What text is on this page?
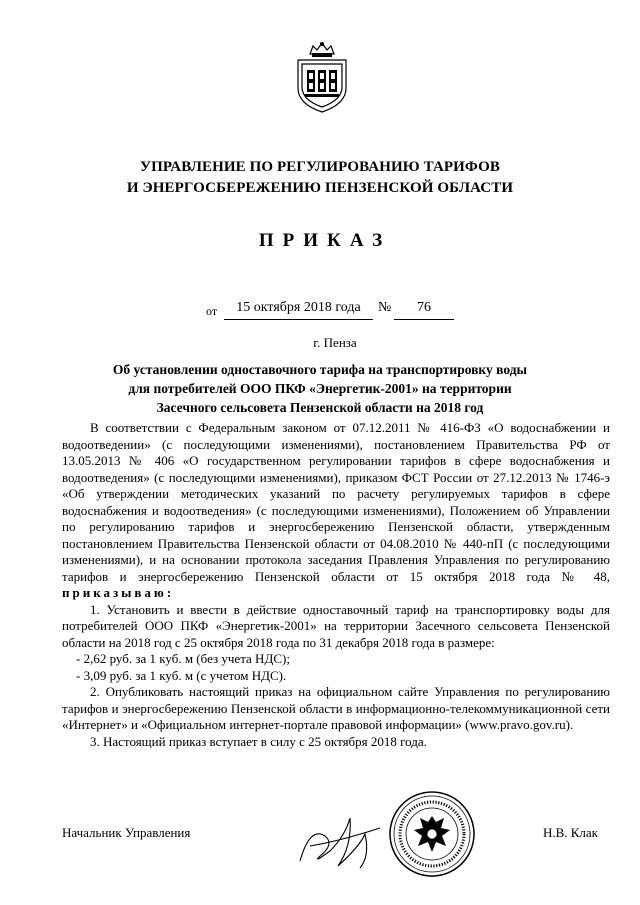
УПРАВЛЕНИЕ ПО РЕГУЛИРОВАНИЮ ТАРИФОВ
И ЭНЕРГОСБЕРЕЖЕНИЮ ПЕНЗЕНСКОЙ ОБЛАСТИ
ПРИКАЗ
от	15 октября 2018 года	№	76
г. Пенза
Об установлении одноставочного тарифа на транспортировку воды
для потребителей ООО ПКФ «Энергетик-2001» на территории
Засечного сельсовета Пензенской области на 2018 год

В соответствии с Федеральным законом от 07.12.2011 № 416-ФЗ «О водоснабжении и водоотведении» (с последующими изменениями), постановлением Правительства РФ от 13.05.2013 № 406 «О государственном регулировании тарифов в сфере водоснабжения и водоотведения» (с последующими изменениями), приказом ФСТ России от 27.12.2013 № 1746-э «Об утверждении методических указаний по расчету регулируемых тарифов в сфере водоснабжения и водоотведения» (с последующими изменениями), Положением об Управлении по регулированию тарифов и энергосбережению Пензенской области, утвержденным постановлением Правительства Пензенской области от 04.08.2010 № 440-пП (с последующими изменениями), и на основании протокола заседания Правления Управления по регулированию тарифов и энергосбережению Пензенской области от 15 октября 2018 года № 48, приказываю:

1. Установить и ввести в действие одноставочный тариф на транспортировку воды для потребителей ООО ПКФ «Энергетик-2001» на территории Засечного сельсовета Пензенской области на 2018 год с 25 октября 2018 года по 31 декабря 2018 года в размере:

- 2,62 руб. за 1 куб. м (без учета НДС);

- 3,09 руб. за 1 куб. м (с учетом НДС).

2. Опубликовать настоящий приказ на официальном сайте Управления по регулированию тарифов и энергосбережению Пензенской области в информационно-телекоммуникационной сети «Интернет» и «Официальном интернет-портале правовой информации» (www.pravo.gov.ru).

3. Настоящий приказ вступает в силу с 25 октября 2018 года.

Начальник Управления	Н.В. Клак
